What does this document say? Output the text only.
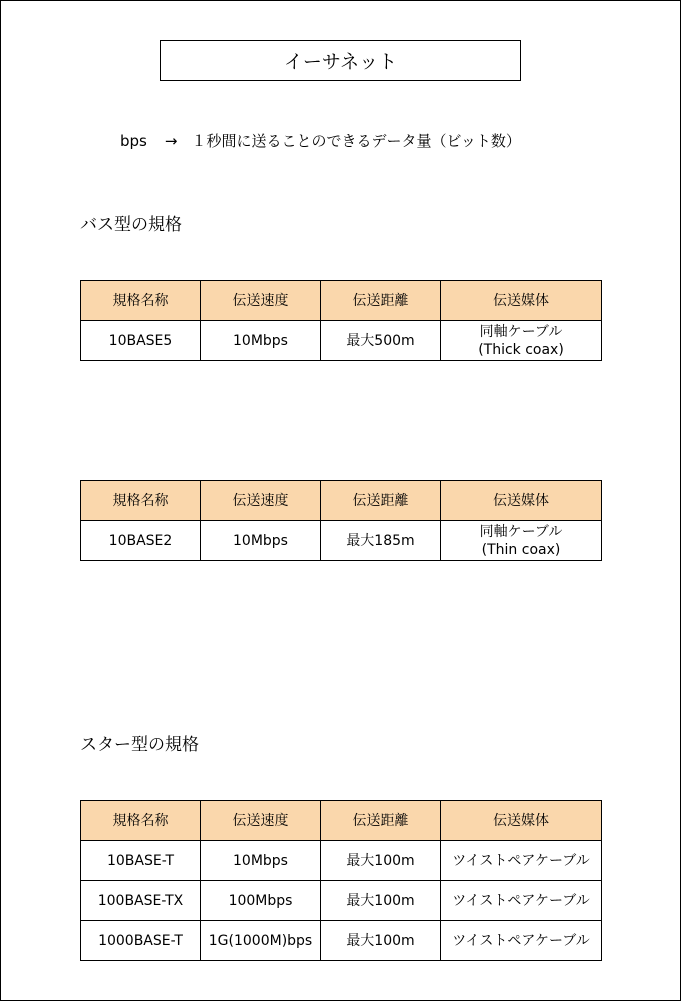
イーサネット
bps → １秒間に送ることのできるデータ量（ビット数）
バス型の規格
規格名称	伝送速度	伝送距離	伝送媒体
10BASE5	10Mbps	最大500m	同軸ケーブル
(Thick coax)
規格名称	伝送速度	伝送距離	伝送媒体
10BASE2	10Mbps	最大185m	同軸ケーブル
(Thin coax)
スター型の規格
規格名称	伝送速度	伝送距離	伝送媒体
10BASE-T	10Mbps	最大100m	ツイストペアケーブル
100BASE-TX	100Mbps	最大100m	ツイストペアケーブル
1000BASE-T	1G(1000M)bps	最大100m	ツイストペアケーブル
